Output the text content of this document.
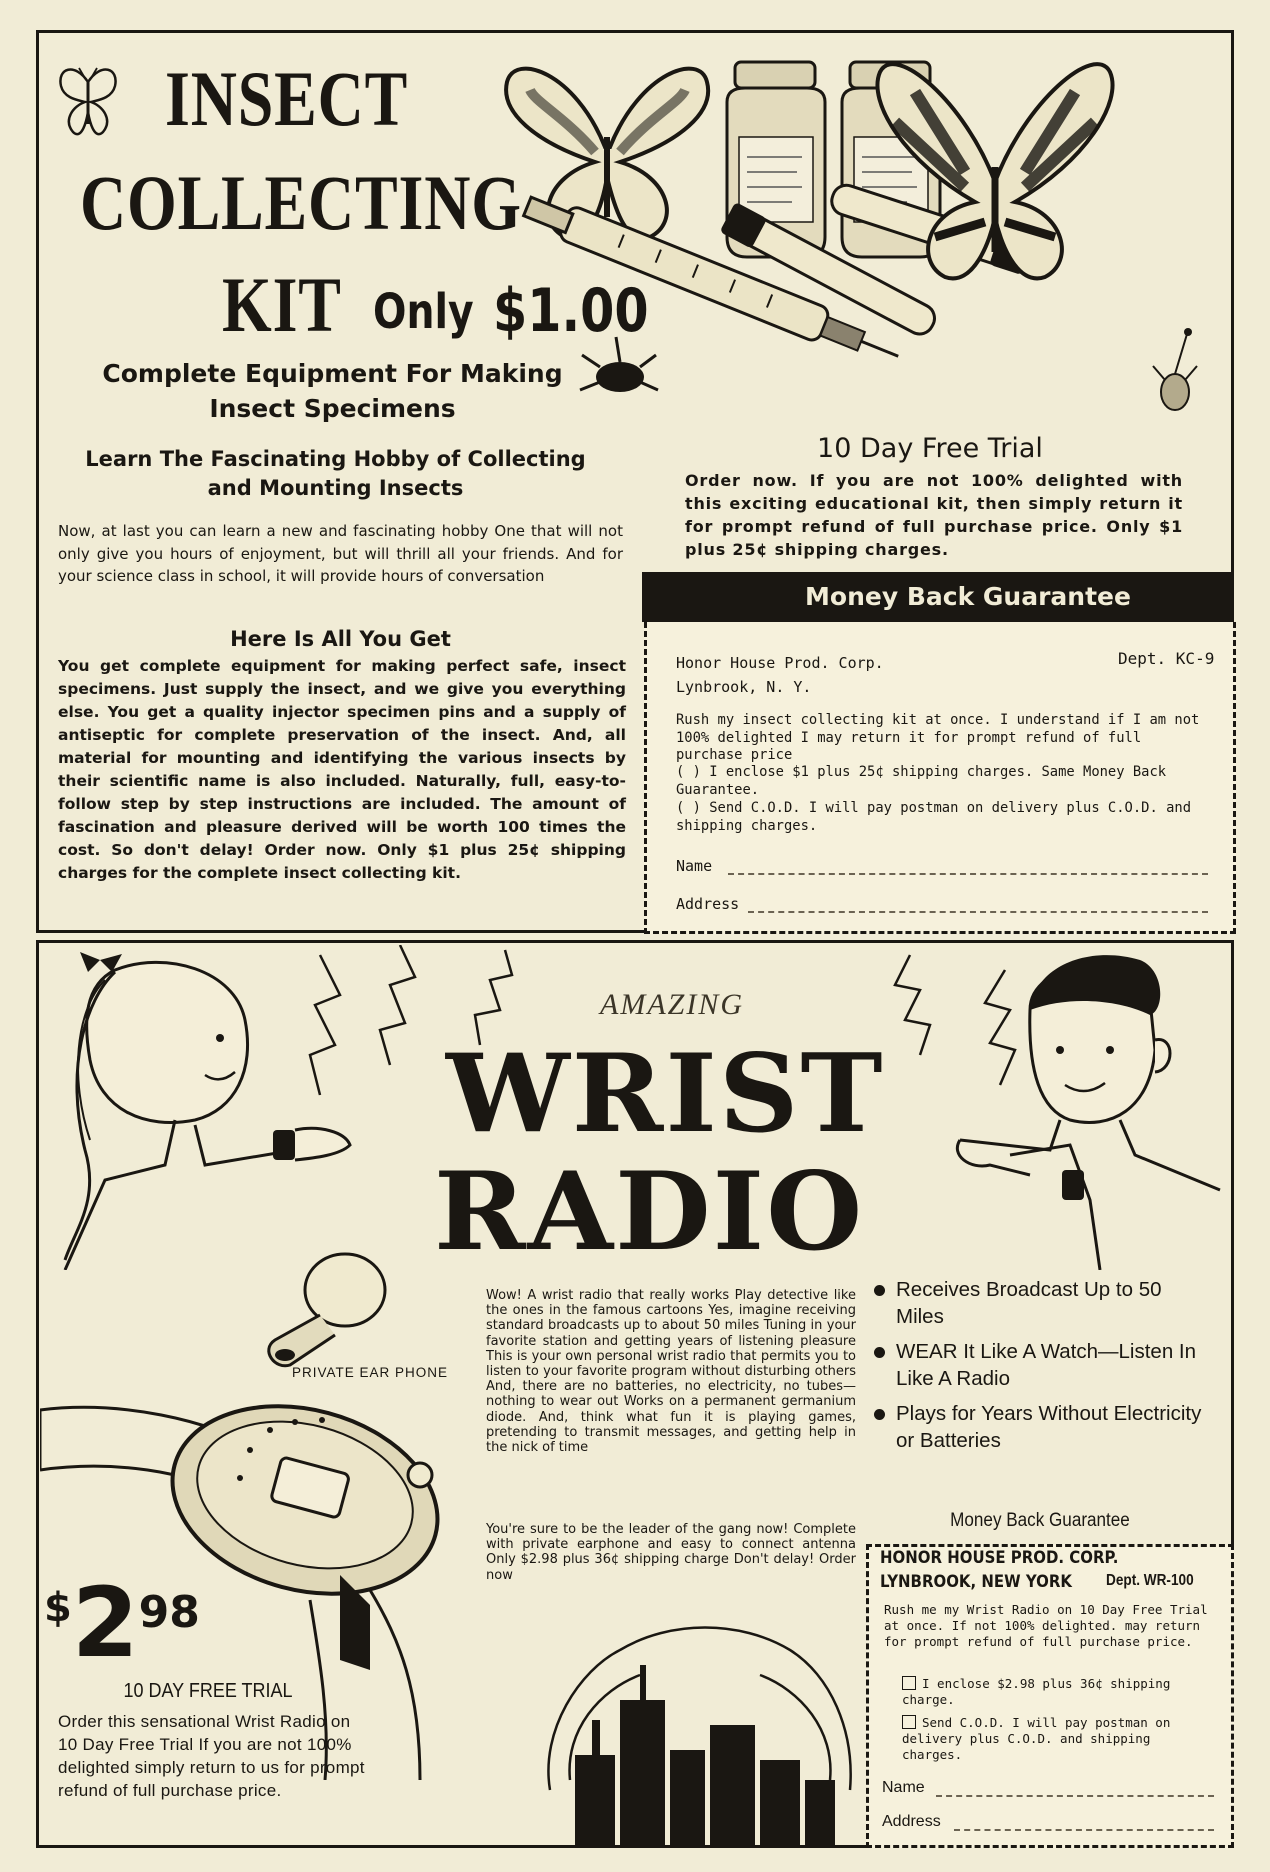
INSECT
COLLECTING
KIT Only $1.00
Complete Equipment For Making Insect Specimens
Learn The Fascinating Hobby of Collecting and Mounting Insects
Now, at last you can learn a new and fascinating hobby One that will not only give you hours of enjoyment, but will thrill all your friends. And for your science class in school, it will provide hours of conversation
Here Is All You Get
You get complete equipment for making perfect safe, insect specimens. Just supply the insect, and we give you everything else. You get a quality injector specimen pins and a supply of antiseptic for complete preservation of the insect. And, all material for mounting and identifying the various insects by their scientific name is also included. Naturally, full, easy-to-follow step by step instructions are included. The amount of fascination and pleasure derived will be worth 100 times the cost. So don't delay! Order now. Only $1 plus 25¢ shipping charges for the complete insect collecting kit.
10 Day Free Trial
Order now. If you are not 100% delighted with this exciting educational kit, then simply return it for prompt refund of full purchase price. Only $1 plus 25¢ shipping charges.
Money Back Guarantee
Honor House Prod. Corp.
Lynbrook, N. Y.
Dept. KC-9
Rush my insect collecting kit at once. I understand if I am not 100% delighted I may return it for prompt refund of full purchase price
( ) I enclose $1 plus 25¢ shipping charges. Same Money Back Guarantee.
( ) Send C.O.D. I will pay postman on delivery plus C.O.D. and shipping charges.
Name
Address
AMAZING
WRIST
RADIO
PRIVATE EAR PHONE
$298
10 DAY FREE TRIAL
Order this sensational Wrist Radio on 10 Day Free Trial If you are not 100% delighted simply return to us for prompt refund of full purchase price.
Wow! A wrist radio that really works Play detective like the ones in the famous cartoons Yes, imagine receiving standard broadcasts up to about 50 miles Tuning in your favorite station and getting years of listening pleasure This is your own personal wrist radio that permits you to listen to your favorite program without disturbing others And, there are no batteries, no electricity, no tubes—nothing to wear out Works on a permanent germanium diode. And, think what fun it is playing games, pretending to transmit messages, and getting help in the nick of time
You're sure to be the leader of the gang now! Complete with private earphone and easy to connect antenna Only $2.98 plus 36¢ shipping charge Don't delay! Order now
Receives Broadcast Up to 50 Miles
WEAR It Like A Watch—Listen In Like A Radio
Plays for Years Without Electricity or Batteries
Money Back Guarantee
HONOR HOUSE PROD. CORP.
LYNBROOK, NEW YORK Dept. WR-100
Rush me my Wrist Radio on 10 Day Free Trial at once. If not 100% delighted. may return for prompt refund of full purchase price.
I enclose $2.98 plus 36¢ shipping charge.
Send C.O.D. I will pay postman on delivery plus C.O.D. and shipping charges.
Name
Address
